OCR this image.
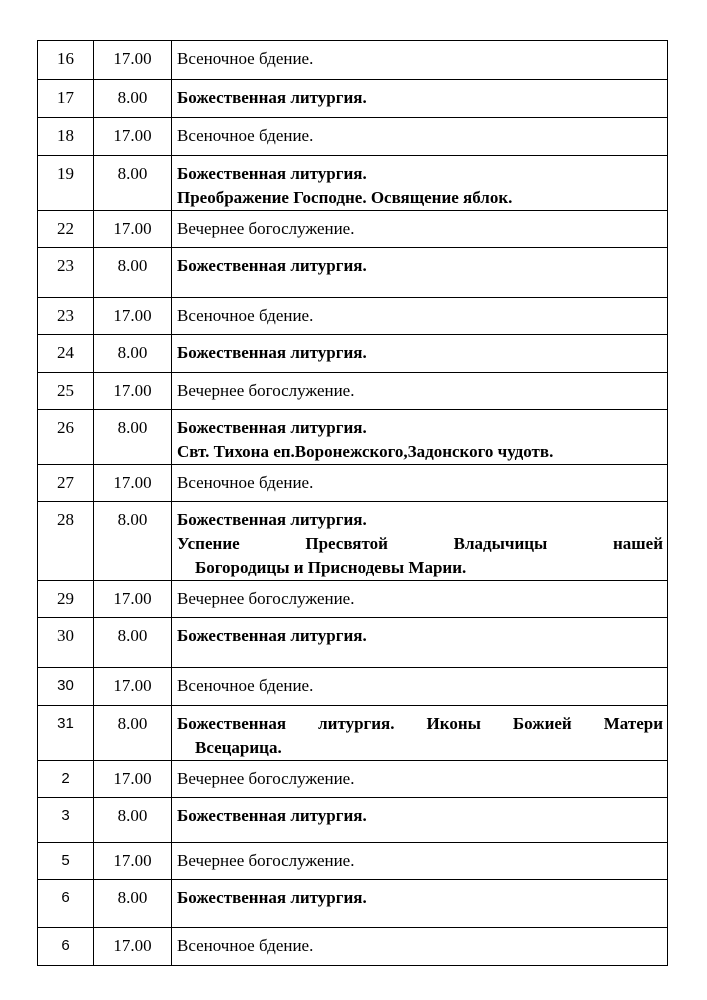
16	17.00	Всеночное бдение.

17	8.00	Божественная литургия.

18	17.00	Всеночное бдение.

19	8.00	Божественная литургия.
Преображение Господне. Освящение яблок.

22	17.00	Вечернее богослужение.

23	8.00	Божественная литургия.

23	17.00	Всеночное бдение.

24	8.00	Божественная литургия.

25	17.00	Вечернее богослужение.

26	8.00	Божественная литургия.
Свт. Тихона еп.Воронежского,Задонского чудотв.

27	17.00	Всеночное бдение.

28	8.00	Божественная литургия.
Успение Пресвятой Владычицы нашей
Богородицы и Приснодевы Марии.

29	17.00	Вечернее богослужение.

30	8.00	Божественная литургия.

30	17.00	Всеночное бдение.

31	8.00	Божественная литургия. Иконы Божией Матери
Всецарица.

2	17.00	Вечернее богослужение.

3	8.00	Божественная литургия.

5	17.00	Вечернее богослужение.

6	8.00	Божественная литургия.

6	17.00	Всеночное бдение.
